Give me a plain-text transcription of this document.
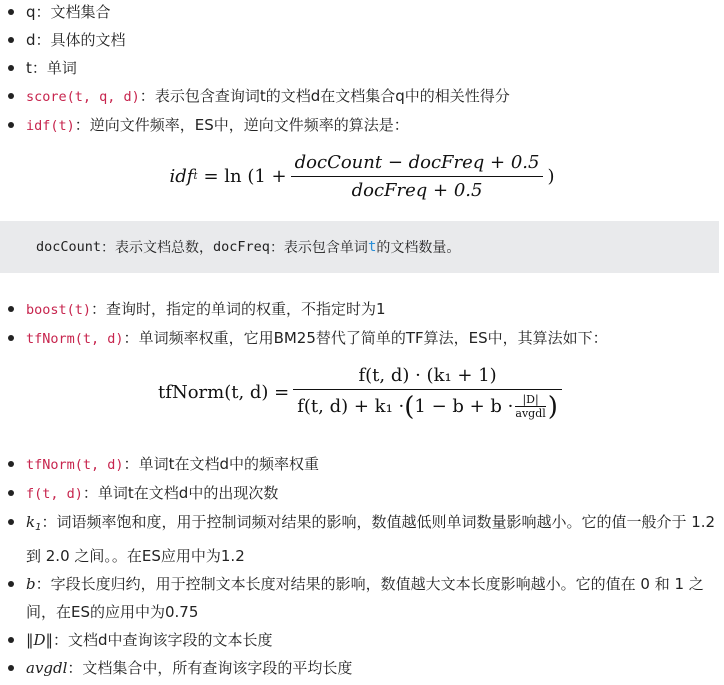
q：文档集合
d：具体的文档
t：单词
score(t, q, d)：表示包含查询词t的文档d在文档集合q中的相关性得分
idf(t)：逆向文件频率，ES中，逆向文件频率的算法是：
idf $t = \ln (1 + \frac{\text{docCount − docFreq + 0.5}}{\text{docFreq + 0.5}}$ )
docCount ：表示文档总数， docFreq ：表示包含单词 t 的文档数量。
boost(t)：查询时，指定的单词的权重，不指定时为1
tfNorm(t, d)：单词频率权重，它用BM25替代了简单的TF算法，ES中，其算法如下：
tfNorm(t, d) =
f(t, d) · (k₁ + 1)
f(t, d) + k₁ · ( 1 − b + b · |D|
avgdl )
tfNorm(t, d)：单词t在文档d中的频率权重
f(t, d)：单词t在文档d中的出现次数
$k_1$：词语频率饱和度，用于控制词频对结果的影响，数值越低则单词数量影响越小。它的值一般介于 1.2 到 2.0 之间。。在ES应用中为1.2
b：字段长度归约，用于控制文本长度对结果的影响，数值越大文本长度影响越小。它的值在 0 和 1 之间，在ES的应用中为0.75
‖D‖：文档d中查询该字段的文本长度
avgdl：文档集合中，所有查询该字段的平均长度
